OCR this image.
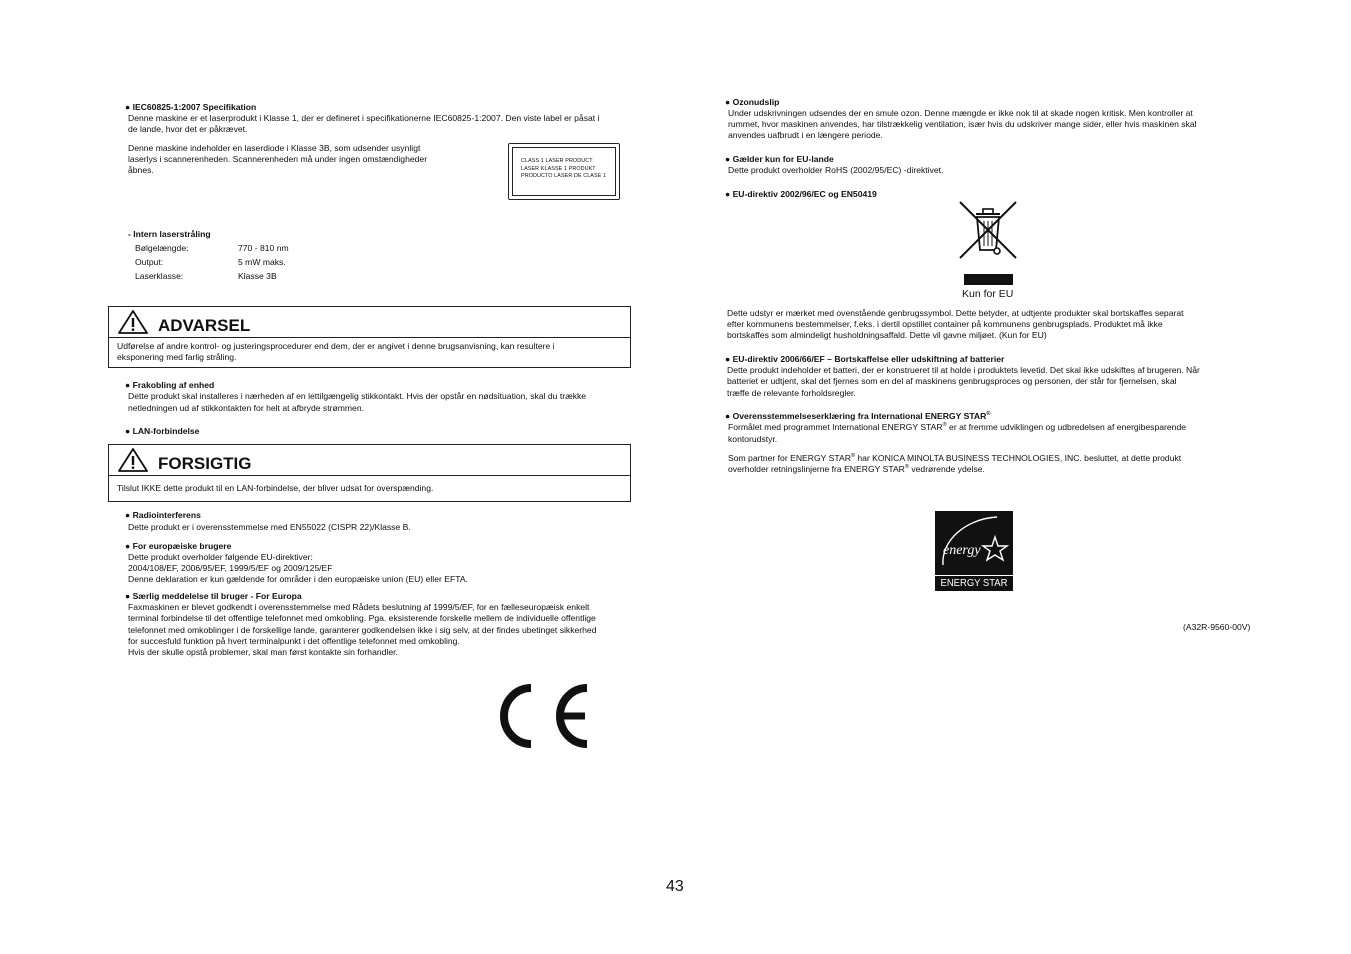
● IEC60825-1:2007 Specifikation
Denne maskine er et laserprodukt i Klasse 1, der er defineret i specifikationerne IEC60825-1:2007. Den viste label er påsat i
de lande, hvor det er påkrævet.
Denne maskine indeholder en laserdiode i Klasse 3B, som udsender usynligt
laserlys i scannerenheden. Scannerenheden må under ingen omstændigheder
åbnes.
CLASS 1 LASER PRODUCT
LASER KLASSE 1 PRODUKT
PRODUCTO LASER DE CLASE 1
- Intern laserstråling
Bølgelængde:	770 - 810 nm
Output:	5 mW maks.
Laserklasse:	Klasse 3B
ADVARSEL
Udførelse af andre kontrol- og justeringsprocedurer end dem, der er angivet i denne brugsanvisning, kan resultere i
eksponering med farlig stråling.
● Frakobling af enhed
Dette produkt skal installeres i nærheden af en lettilgængelig stikkontakt. Hvis der opstår en nødsituation, skal du trække
netledningen ud af stikkontakten for helt at afbryde strømmen.
● LAN-forbindelse
FORSIGTIG
Tilslut IKKE dette produkt til en LAN-forbindelse, der bliver udsat for overspænding.
● Radiointerferens
Dette produkt er i overensstemmelse med EN55022 (CISPR 22)/Klasse B.
● For europæiske brugere
Dette produkt overholder følgende EU-direktiver:
2004/108/EF, 2006/95/EF, 1999/5/EF og 2009/125/EF
Denne deklaration er kun gældende for områder i den europæiske union (EU) eller EFTA.
● Særlig meddelelse til bruger - For Europa
Faxmaskinen er blevet godkendt i overensstemmelse med Rådets beslutning af 1999/5/EF, for en fælleseuropæisk enkelt
terminal forbindelse til det offentlige telefonnet med omkobling. Pga. eksisterende forskelle mellem de individuelle offentlige
telefonnet med omkoblinger i de forskellige lande, garanterer godkendelsen ikke i sig selv, at der findes ubetinget sikkerhed
for succesfuld funktion på hvert terminalpunkt i det offentlige telefonnet med omkobling.
Hvis der skulle opstå problemer, skal man først kontakte sin forhandler.
● Ozonudslip
Under udskrivningen udsendes der en smule ozon. Denne mængde er ikke nok til at skade nogen kritisk. Men kontroller at
rummet, hvor maskinen anvendes, har tilstrækkelig ventilation, især hvis du udskriver mange sider, eller hvis maskinen skal
anvendes uafbrudt i en længere periode.
● Gælder kun for EU-lande
Dette produkt overholder RoHS (2002/95/EC) -direktivet.
● EU-direktiv 2002/96/EC og EN50419
Kun for EU
Dette udstyr er mærket med ovenstående genbrugssymbol. Dette betyder, at udtjente produkter skal bortskaffes separat
efter kommunens bestemmelser, f.eks. i dertil opstillet container på kommunens genbrugsplads. Produktet må ikke
bortskaffes som almindeligt husholdningsaffald. Dette vil gavne miljøet. (Kun for EU)
● EU-direktiv 2006/66/EF – Bortskaffelse eller udskiftning af batterier
Dette produkt indeholder et batteri, der er konstrueret til at holde i produktets levetid. Det skal ikke udskiftes af brugeren. Når
batteriet er udtjent, skal det fjernes som en del af maskinens genbrugsproces og personen, der står for fjernelsen, skal
træffe de relevante forholdsregler.
● Overensstemmelseserklæring fra International ENERGY STAR®
Formålet med programmet International ENERGY STAR® er at fremme udviklingen og udbredelsen af energibesparende
kontorudstyr.
Som partner for ENERGY STAR® har KONICA MINOLTA BUSINESS TECHNOLOGIES, INC. besluttet, at dette produkt
overholder retningslinjerne fra ENERGY STAR® vedrørende ydelse.
energy
ENERGY STAR
(A32R-9560-00V)
43
